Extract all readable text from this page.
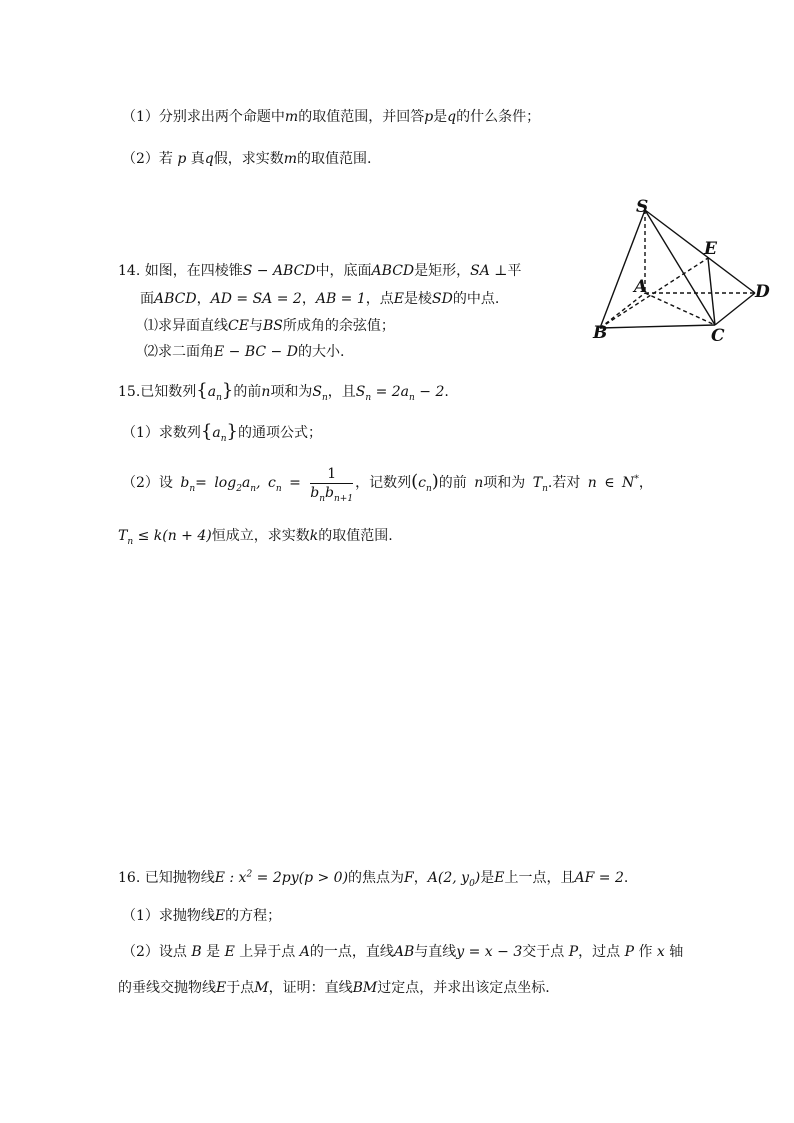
（1）分别求出两个命题中m的取值范围，并回答p是q的什么条件；
（2）若 p 真q假，求实数m的取值范围.
14. 如图，在四棱锥S − ABCD中，底面ABCD是矩形，SA ⊥平
面ABCD，AD = SA = 2，AB = 1，点E是棱SD的中点.
⑴求异面直线CE与BS所成角的余弦值；
⑵求二面角E − BC − D的大小.
S
E
A	D
B	C
15.已知数列$\{a_n\}$的前n项和为$S_n$，且$S_n = 2a_n - 2$.
（1）求数列$\{a_n\}$的通项公式；
（2）设 $b_n= \log_2a_n$, $c_n = \frac{1}{b_nb_{n+1}}$ ，记数列$(c_n)$的前 n项和为 $T_n$.若对 n ∈ N*，
$T_n \le k(n + 4)$恒成立，求实数k的取值范围.
16. 已知抛物线E : $x^2 = 2py(p > 0)$的焦点为F，A(2, $y_0$)是E上一点，且AF = 2.
（1）求抛物线E的方程；
（2）设点 B 是 E 上异于点 A的一点，直线AB与直线y = x − 3交于点 P，过点 P 作 x 轴
的垂线交抛物线E于点M，证明：直线BM过定点，并求出该定点坐标.
